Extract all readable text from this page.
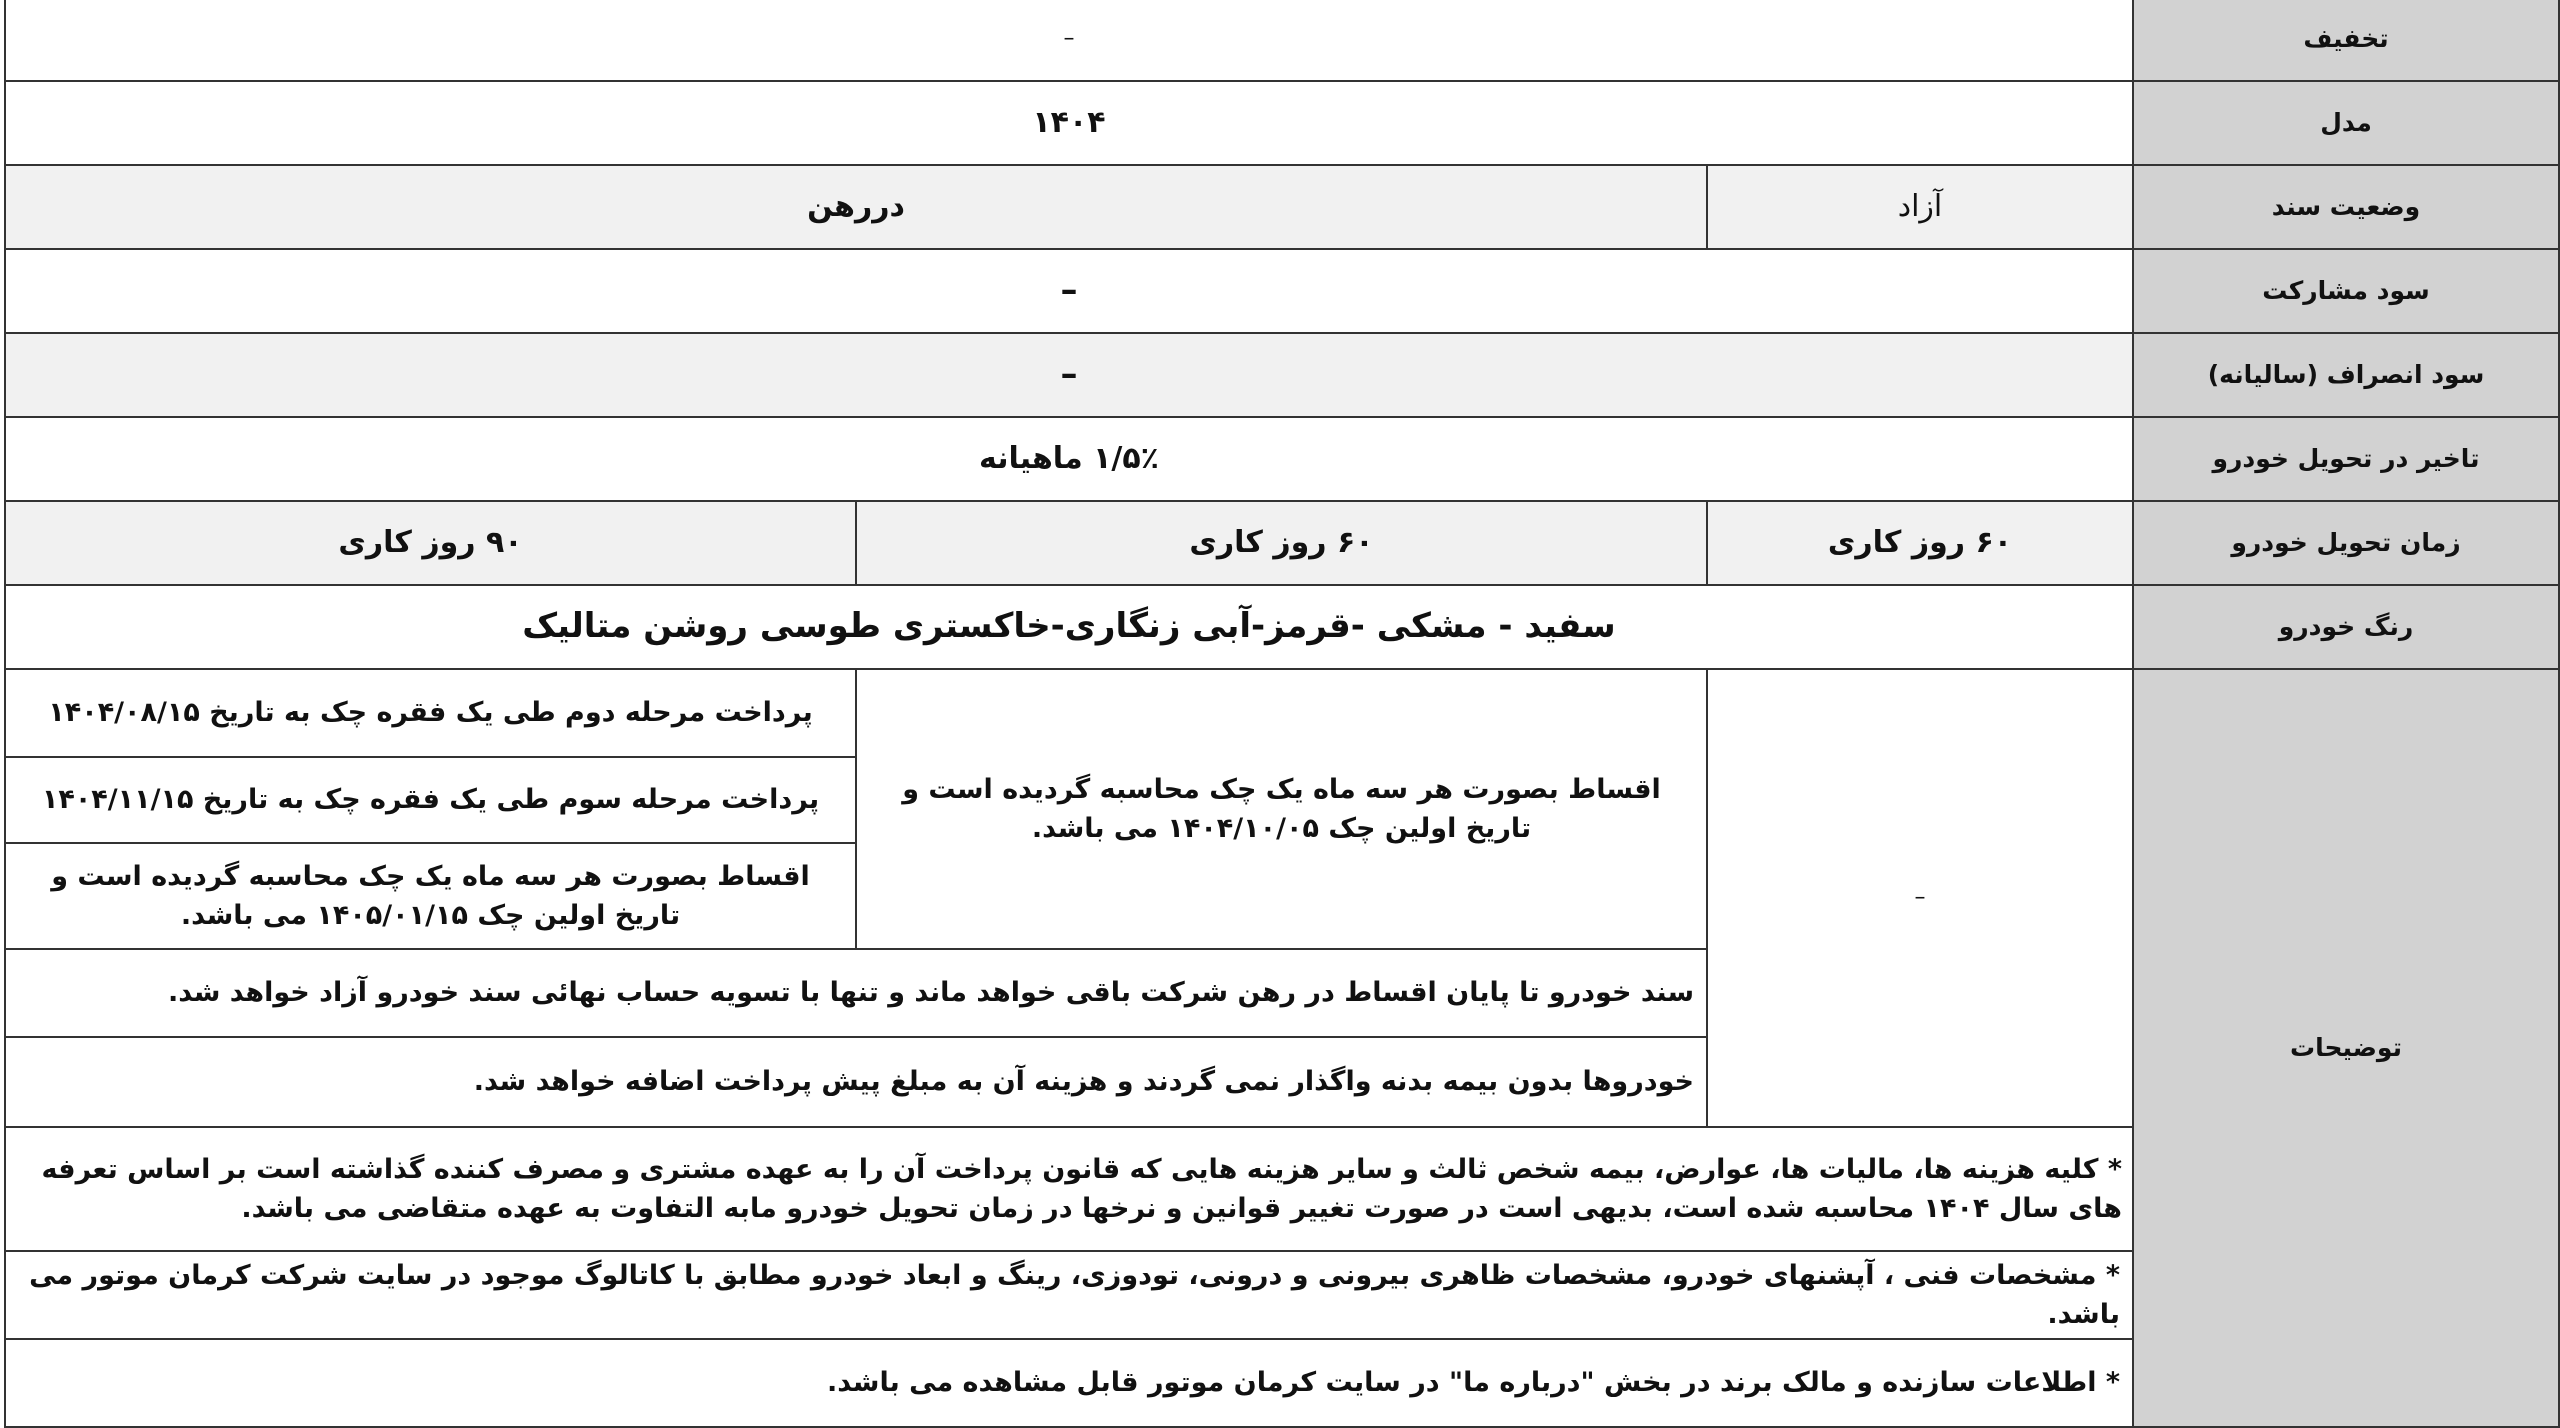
تخفیف
–
مدل
۱۴۰۴
وضعیت سند
آزاد
دررهن
سود مشارکت
–
سود انصراف (سالیانه)
–
تاخیر در تحویل خودرو
۱/۵٪ ماهیانه
زمان تحویل خودرو
۶۰ روز کاری
۶۰ روز کاری
۹۰ روز کاری
رنگ خودرو
سفید - مشکی -قرمز-آبی زنگاری-خاکستری طوسی روشن متالیک
توضیحات
–
اقساط بصورت هر سه ماه یک چک محاسبه گردیده است و تاریخ اولین چک ۱۴۰۴/۱۰/۰۵ می باشد.
پرداخت مرحله دوم طی یک فقره چک به تاریخ ۱۴۰۴/۰۸/۱۵
پرداخت مرحله سوم طی یک فقره چک به تاریخ ۱۴۰۴/۱۱/۱۵
اقساط بصورت هر سه ماه یک چک محاسبه گردیده است و تاریخ اولین چک ۱۴۰۵/۰۱/۱۵ می باشد.
سند خودرو تا پایان اقساط در رهن شرکت باقی خواهد ماند و تنها با تسویه حساب نهائی سند خودرو آزاد خواهد شد.
خودروها بدون بیمه بدنه واگذار نمی گردند و هزینه آن به مبلغ پیش پرداخت اضافه خواهد شد.
* کلیه هزینه ها، مالیات ها، عوارض، بیمه شخص ثالث و سایر هزینه هایی که قانون پرداخت آن را به عهده مشتری و مصرف کننده گذاشته است بر اساس تعرفه های سال ۱۴۰۴ محاسبه شده است، بدیهی است در صورت تغییر قوانین و نرخها در زمان تحویل خودرو مابه التفاوت به عهده متقاضی می باشد.
* مشخصات فنی ، آپشنهای خودرو، مشخصات ظاهری بیرونی و درونی، تودوزی، رینگ و ابعاد خودرو مطابق با کاتالوگ موجود در سایت شرکت کرمان موتور می باشد.
* اطلاعات سازنده و مالک برند در بخش "درباره ما" در سایت کرمان موتور قابل مشاهده می باشد.
